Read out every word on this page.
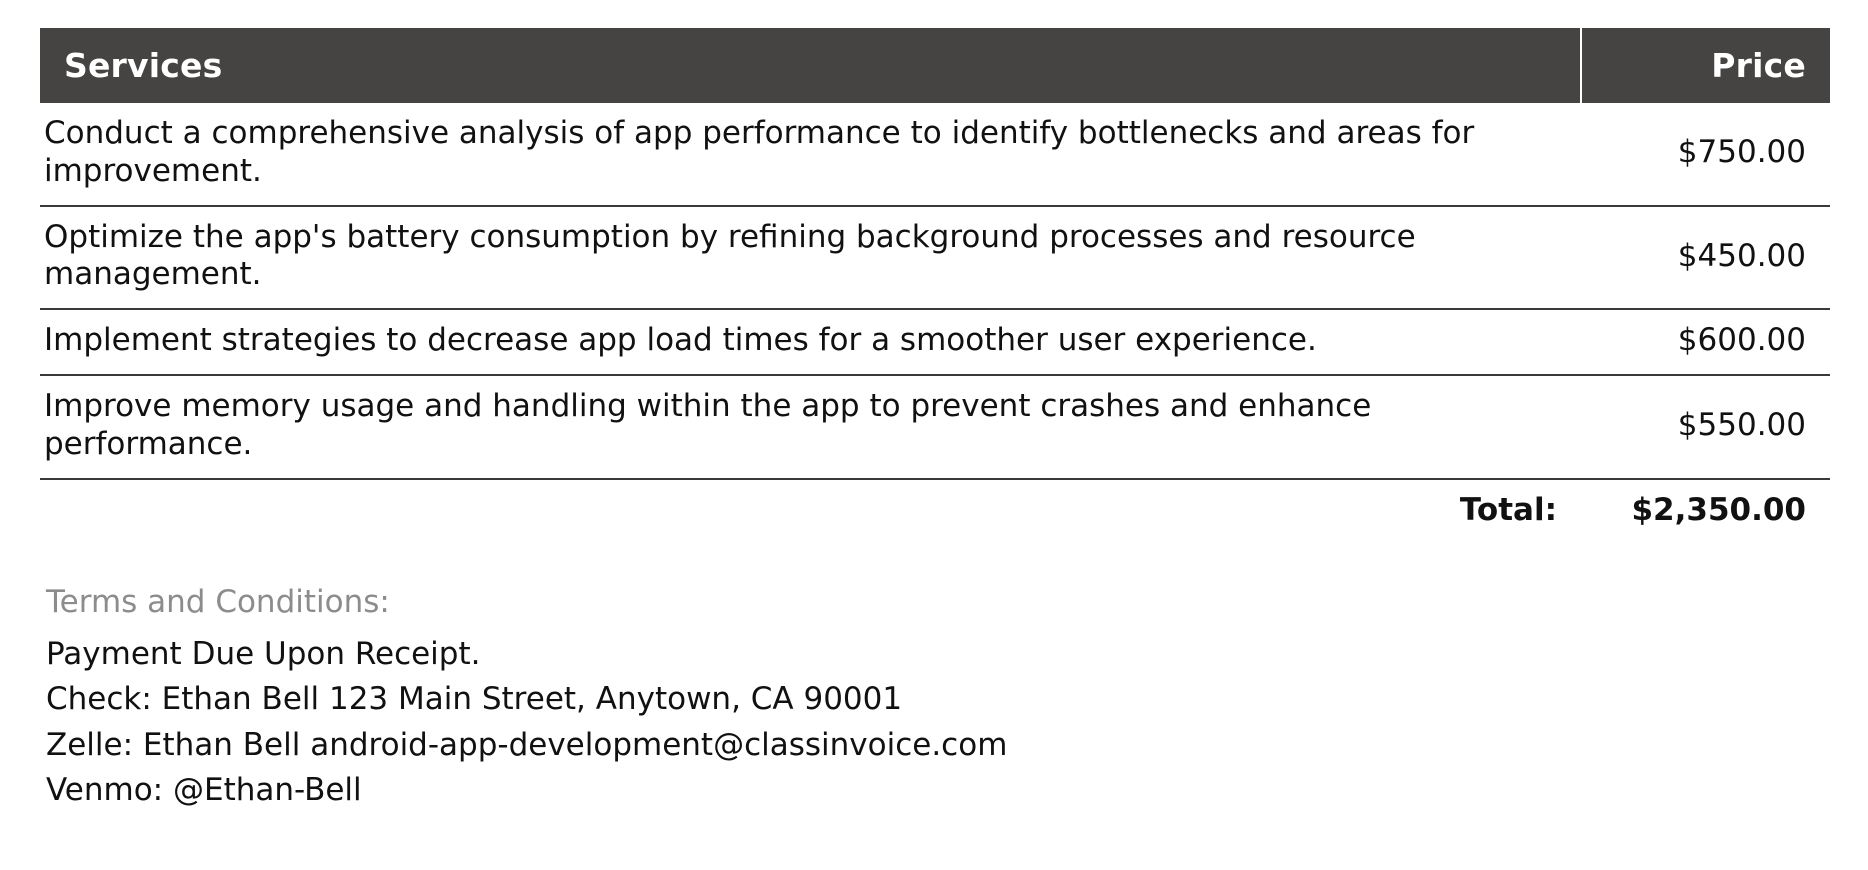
Services	Price
Conduct a comprehensive analysis of app performance to identify bottlenecks and areas for improvement.	$750.00
Optimize the app's battery consumption by refining background processes and resource management.	$450.00
Implement strategies to decrease app load times for a smoother user experience.	$600.00
Improve memory usage and handling within the app to prevent crashes and enhance performance.	$550.00
Total:	$2,350.00
Terms and Conditions:
Payment Due Upon Receipt.
Check: Ethan Bell 123 Main Street, Anytown, CA 90001
Zelle: Ethan Bell android-app-development@classinvoice.com
Venmo: @Ethan-Bell
